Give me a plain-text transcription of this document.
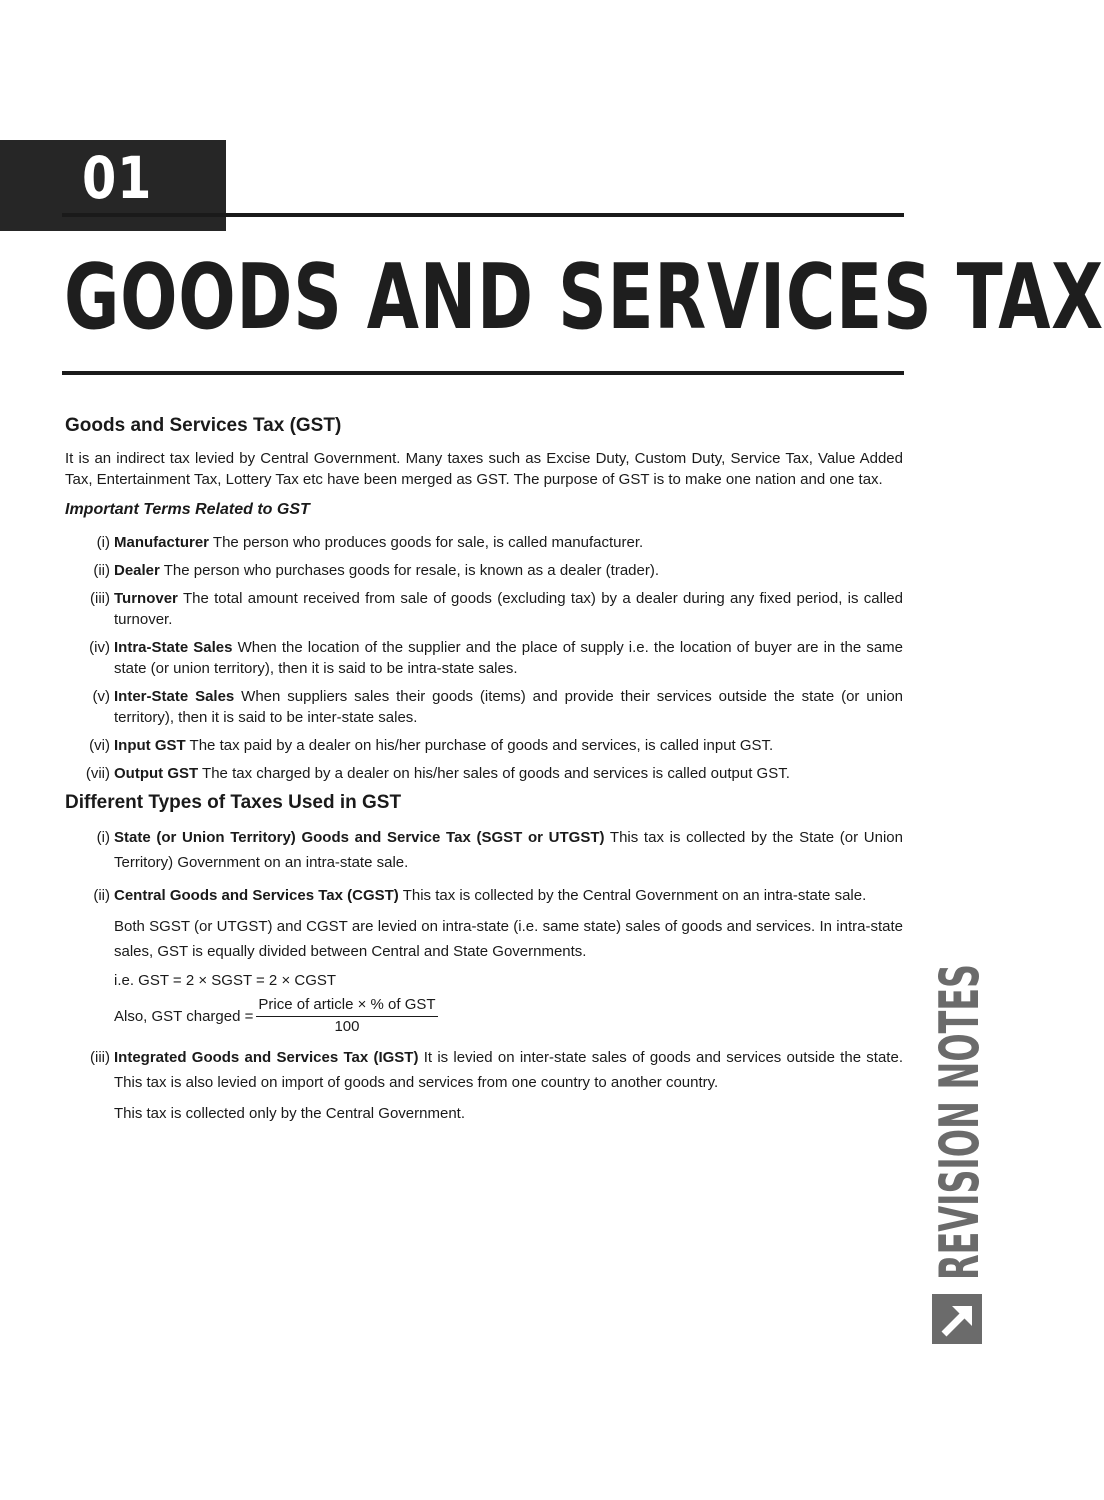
01
GOODS AND SERVICES TAX
Goods and Services Tax (GST)

It is an indirect tax levied by Central Government. Many taxes such as Excise Duty, Custom Duty, Service Tax, Value Added Tax, Entertainment Tax, Lottery Tax etc have been merged as GST. The purpose of GST is to make one nation and one tax.

Important Terms Related to GST

(i) Manufacturer The person who produces goods for sale, is called manufacturer.
(ii) Dealer The person who purchases goods for resale, is known as a dealer (trader).
(iii) Turnover The total amount received from sale of goods (excluding tax) by a dealer during any fixed period, is called turnover.
(iv) Intra-State Sales When the location of the supplier and the place of supply i.e. the location of buyer are in the same state (or union territory), then it is said to be intra-state sales.
(v) Inter-State Sales When suppliers sales their goods (items) and provide their services outside the state (or union territory), then it is said to be inter-state sales.
(vi) Input GST The tax paid by a dealer on his/her purchase of goods and services, is called input GST.
(vii) Output GST The tax charged by a dealer on his/her sales of goods and services is called output GST.
Different Types of Taxes Used in GST
(i) State (or Union Territory) Goods and Service Tax (SGST or UTGST) This tax is collected by the State (or Union Territory) Government on an intra-state sale.
(ii) Central Goods and Services Tax (CGST) This tax is collected by the Central Government on an intra-state sale.
Both SGST (or UTGST) and CGST are levied on intra-state (i.e. same state) sales of goods and services. In intra-state sales, GST is equally divided between Central and State Governments.
i.e. GST = 2 × SGST = 2 × CGST
Also, GST charged = $\frac{\text{Price of article × \% of GST}}{100}$
(iii) Integrated Goods and Services Tax (IGST) It is levied on inter-state sales of goods and services outside the state. This tax is also levied on import of goods and services from one country to another country.
This tax is collected only by the Central Government.	REVISION NOTES
